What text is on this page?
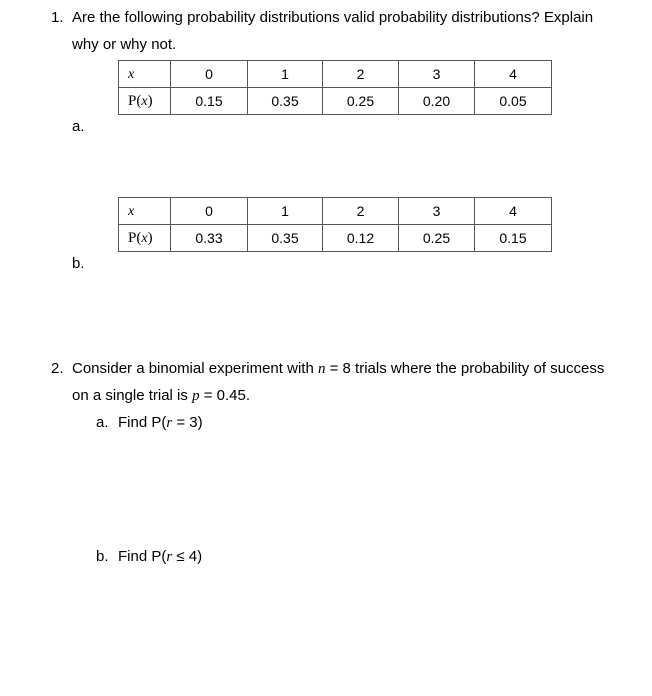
1. Are the following probability distributions valid probability distributions? Explain
why or why not.
x	0	1	2	3	4
P(x)	0.15	0.35	0.25	0.20	0.05
a.
x	0	1	2	3	4
P(x)	0.33	0.35	0.12	0.25	0.15
b.
2. Consider a binomial experiment with n = 8 trials where the probability of success
on a single trial is p = 0.45.
a. Find P(r = 3)
b. Find P(r ≤ 4)
